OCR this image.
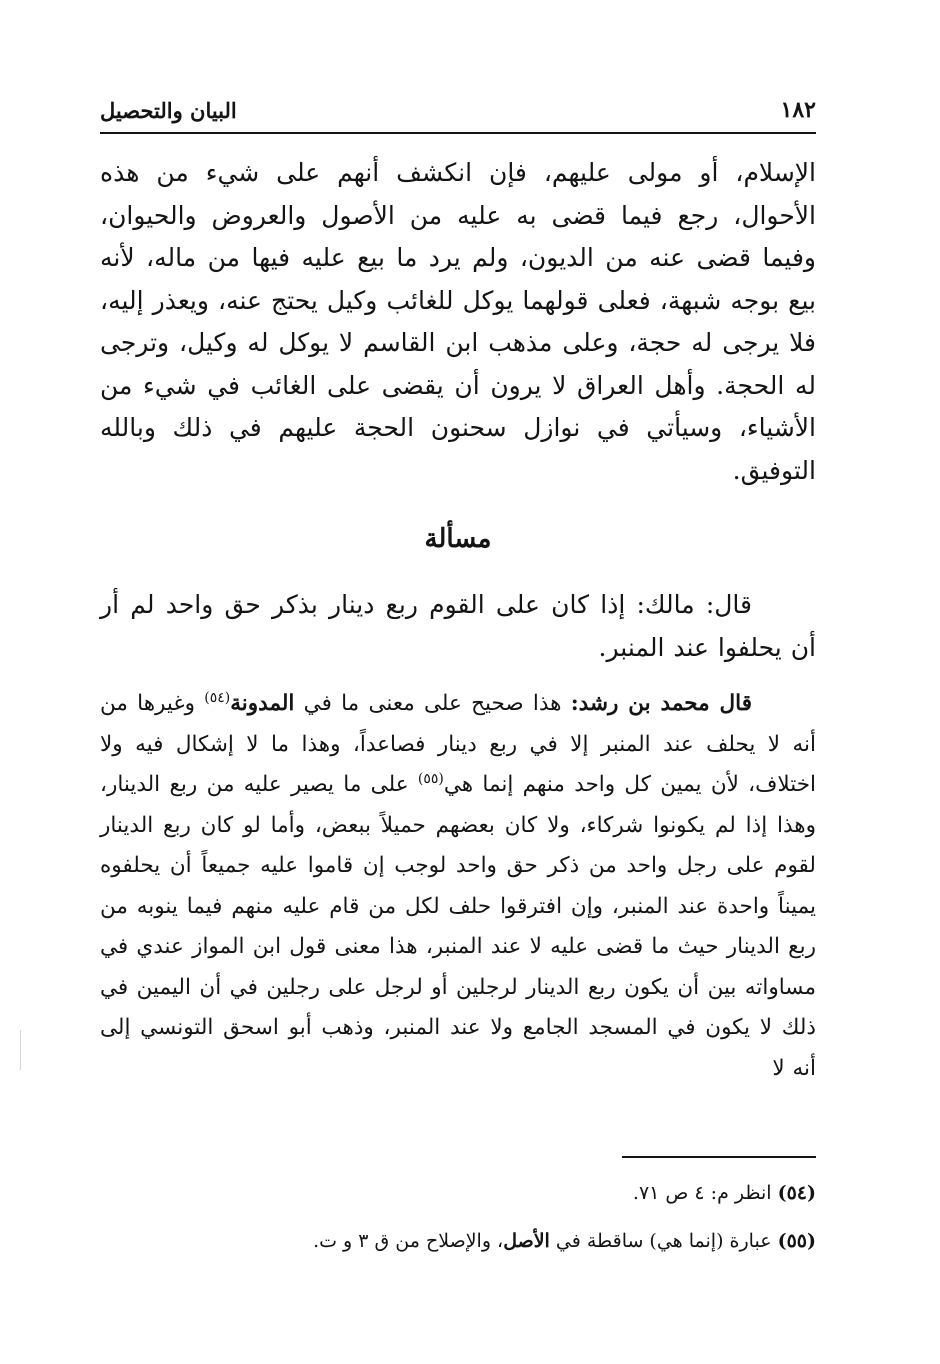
١٨٢
البيان والتحصيل

الإسلام، أو مولى عليهم، فإن انكشف أنهم على شيء من هذه الأحوال، رجع فيما قضى به عليه من الأصول والعروض والحيوان، وفيما قضى عنه من الديون، ولم يرد ما بيع عليه فيها من ماله، لأنه بيع بوجه شبهة، فعلى قولهما يوكل للغائب وكيل يحتج عنه، ويعذر إليه، فلا يرجى له حجة، وعلى مذهب ابن القاسم لا يوكل له وكيل، وترجى له الحجة. وأهل العراق لا يرون أن يقضى على الغائب في شيء من الأشياء، وسيأتي في نوازل سحنون الحجة عليهم في ذلك وبالله التوفيق.

مسألة

قال: مالك: إذا كان على القوم ربع دينار بذكر حق واحد لم أر أن يحلفوا عند المنبر.

قال محمد بن رشد: هذا صحيح على معنى ما في المدونة$^{(٥٤)}$ وغيرها من أنه لا يحلف عند المنبر إلا في ربع دينار فصاعداً، وهذا ما لا إشكال فيه ولا اختلاف، لأن يمين كل واحد منهم إنما هي$^{(٥٥)}$ على ما يصير عليه من ربع الدينار، وهذا إذا لم يكونوا شركاء، ولا كان بعضهم حميلاً ببعض، وأما لو كان ربع الدينار لقوم على رجل واحد من ذكر حق واحد لوجب إن قاموا عليه جميعاً أن يحلفوه يميناً واحدة عند المنبر، وإن افترقوا حلف لكل من قام عليه منهم فيما ينوبه من ربع الدينار حيث ما قضى عليه لا عند المنبر، هذا معنى قول ابن المواز عندي في مساواته بين أن يكون ربع الدينار لرجلين أو لرجل على رجلين في أن اليمين في ذلك لا يكون في المسجد الجامع ولا عند المنبر، وذهب أبو اسحق التونسي إلى أنه لا

(٥٤) انظر م: ٤ ص ٧١.

(٥٥) عبارة (إنما هي) ساقطة في الأصل، والإصلاح من ق ٣ و ت.
